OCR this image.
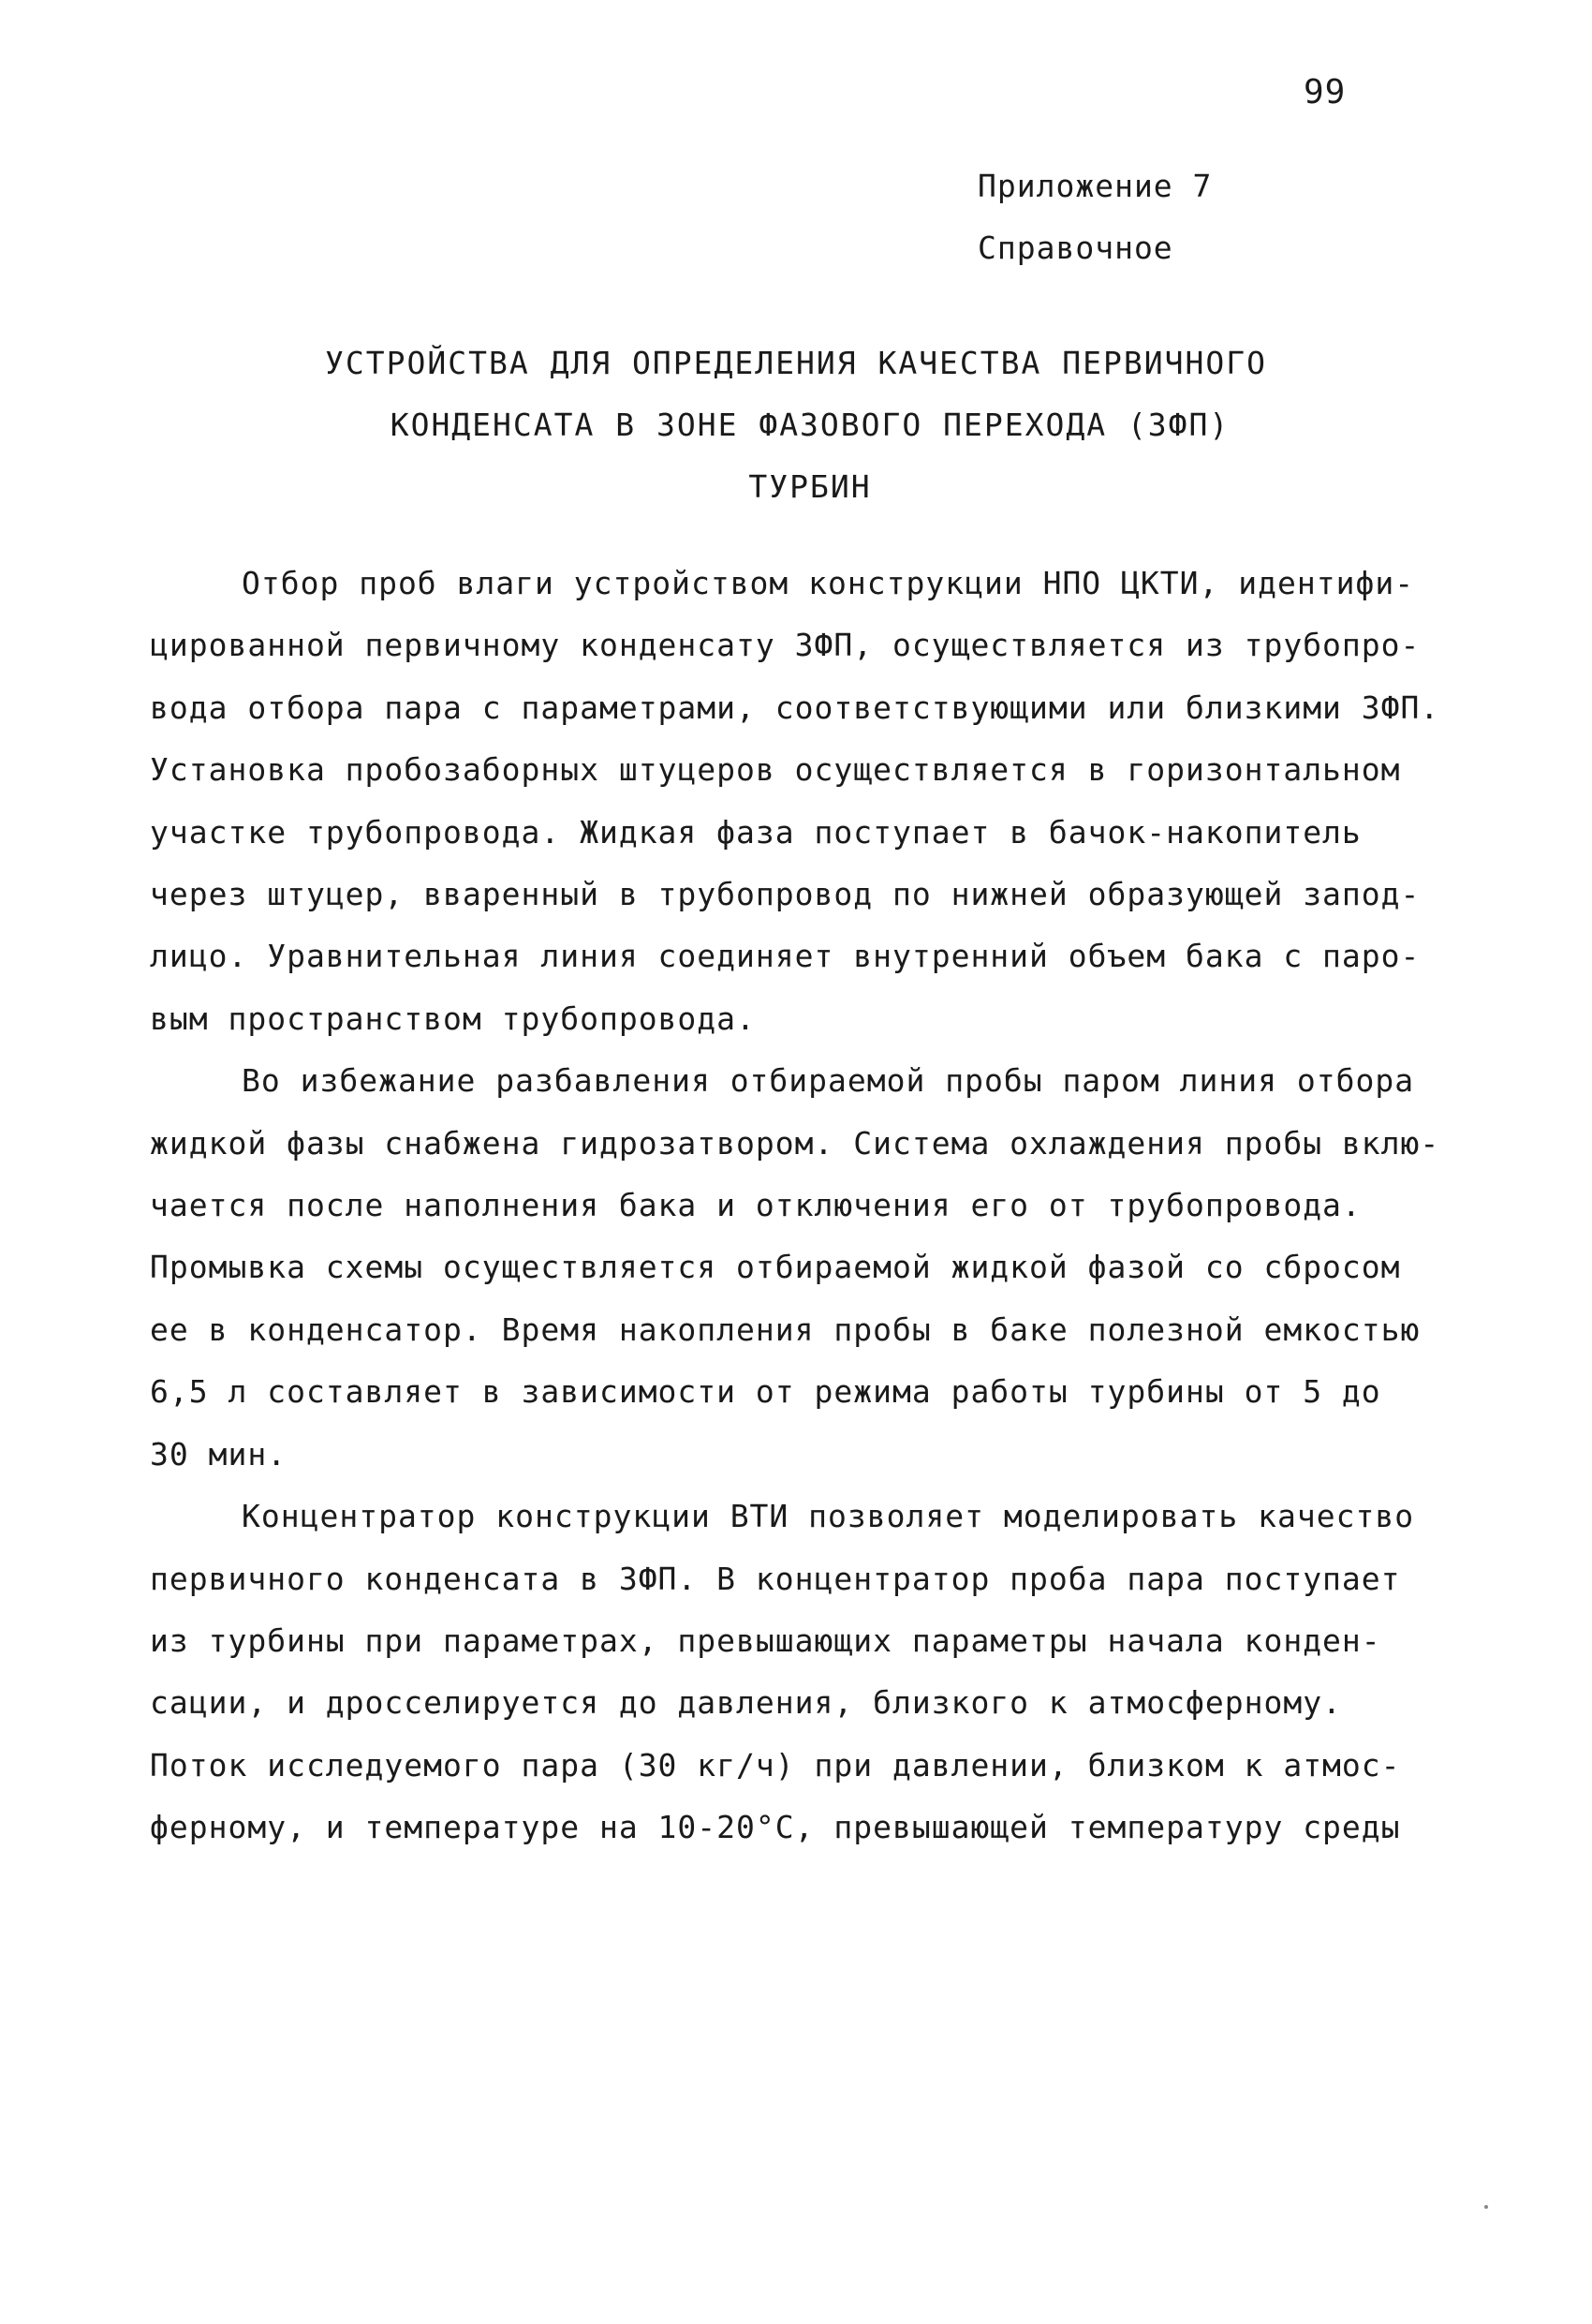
99
Приложение 7
Справочное
УСТРОЙСТВА ДЛЯ ОПРЕДЕЛЕНИЯ КАЧЕСТВА ПЕРВИЧНОГО
КОНДЕНСАТА В ЗОНЕ ФАЗОВОГО ПЕРЕХОДА (ЗФП)
ТУРБИН
Отбор проб влаги устройством конструкции НПО ЦКТИ, идентифи-
цированной первичному конденсату ЗФП, осуществляется из трубопро-
вода отбора пара с параметрами, соответствующими или близкими ЗФП.
Установка пробозаборных штуцеров осуществляется в горизонтальном
участке трубопровода. Жидкая фаза поступает в бачок-накопитель
через штуцер, вваренный в трубопровод по нижней образующей запод-
лицо. Уравнительная линия соединяет внутренний объем бака с паро-
вым пространством трубопровода.
Во избежание разбавления отбираемой пробы паром линия отбора
жидкой фазы снабжена гидрозатвором. Система охлаждения пробы вклю-
чается после наполнения бака и отключения его от трубопровода.
Промывка схемы осуществляется отбираемой жидкой фазой со сбросом
ее в конденсатор. Время накопления пробы в баке полезной емкостью
6,5 л составляет в зависимости от режима работы турбины от 5 до
30 мин.
Концентратор конструкции ВТИ позволяет моделировать качество
первичного конденсата в ЗФП. В концентратор проба пара поступает
из турбины при параметрах, превышающих параметры начала конден-
сации, и дросселируется до давления, близкого к атмосферному.
Поток исследуемого пара (30 кг/ч) при давлении, близком к атмос-
ферному, и температуре на 10-20°С, превышающей температуру среды
